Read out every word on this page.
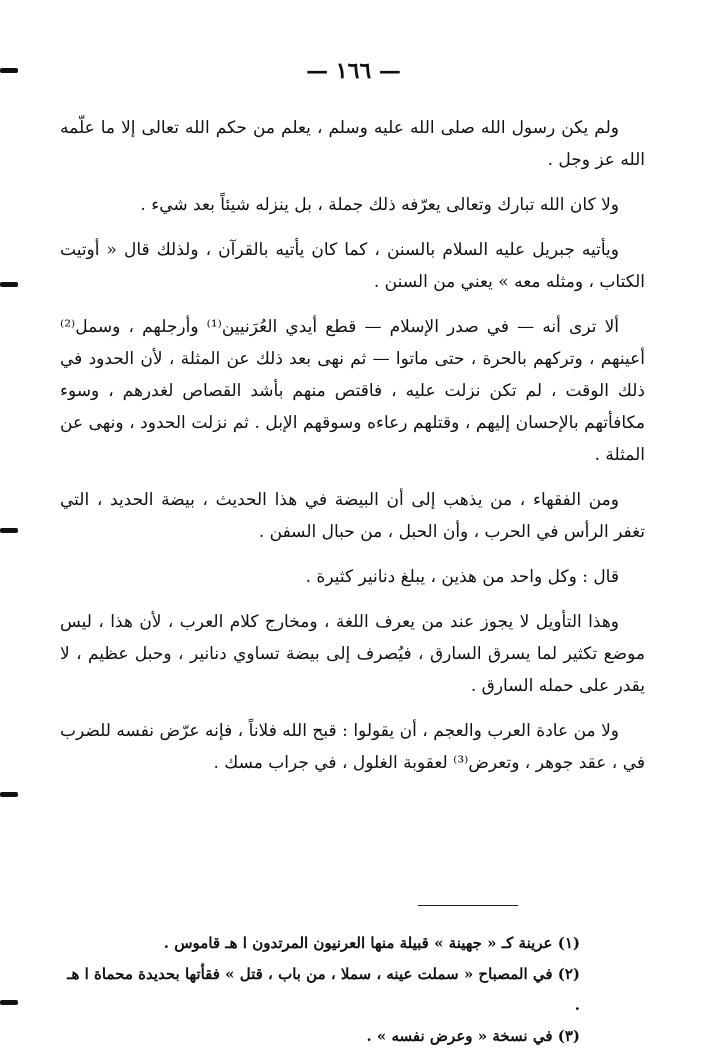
— ١٦٦ —

ولم يكن رسول الله صلى الله عليه وسلم ، يعلم من حكم الله تعالى إلا ما علّمه الله عز وجل .

ولا كان الله تبارك وتعالى يعرّفه ذلك جملة ، بل ينزله شيئاً بعد شيء .

ويأتيه جبريل عليه السلام بالسنن ، كما كان يأتيه بالقرآن ، ولذلك قال « أوتيت الكتاب ، ومثله معه » يعني من السنن .

ألا ترى أنه — في صدر الإسلام — قطع أيدي العُرَنيين⁽¹⁾ وأرجلهم ، وسمل⁽²⁾ أعينهم ، وتركهم بالحرة ، حتى ماتوا — ثم نهى بعد ذلك عن المثلة ، لأن الحدود في ذلك الوقت ، لم تكن نزلت عليه ، فاقتص منهم بأشد القصاص لغدرهم ، وسوء مكافأتهم بالإحسان إليهم ، وقتلهم رعاءه وسوقهم الإبل . ثم نزلت الحدود ، ونهى عن المثلة .

ومن الفقهاء ، من يذهب إلى أن البيضة في هذا الحديث ، بيضة الحديد ، التي تغفر الرأس في الحرب ، وأن الحبل ، من حبال السفن .

قال : وكل واحد من هذين ، يبلغ دنانير كثيرة .

وهذا التأويل لا يجوز عند من يعرف اللغة ، ومخارج كلام العرب ، لأن هذا ، ليس موضع تكثير لما يسرق السارق ، فيُصرف إلى بيضة تساوي دنانير ، وحبل عظيم ، لا يقدر على حمله السارق .

ولا من عادة العرب والعجم ، أن يقولوا : قبح الله فلاناً ، فإنه عرّض نفسه للضرب في ، عقد جوهر ، وتعرض⁽³⁾ لعقوبة الغلول ، في جراب مسك .

(١) عرينة كـ « جهينة » قبيلة منها العرنيون المرتدون ا هـ قاموس .

(٢) في المصباح « سملت عينه ، سملا ، من باب ، قتل » فقأتها بحديدة محماة ا هـ .

(٣) في نسخة « وعرض نفسه » .
